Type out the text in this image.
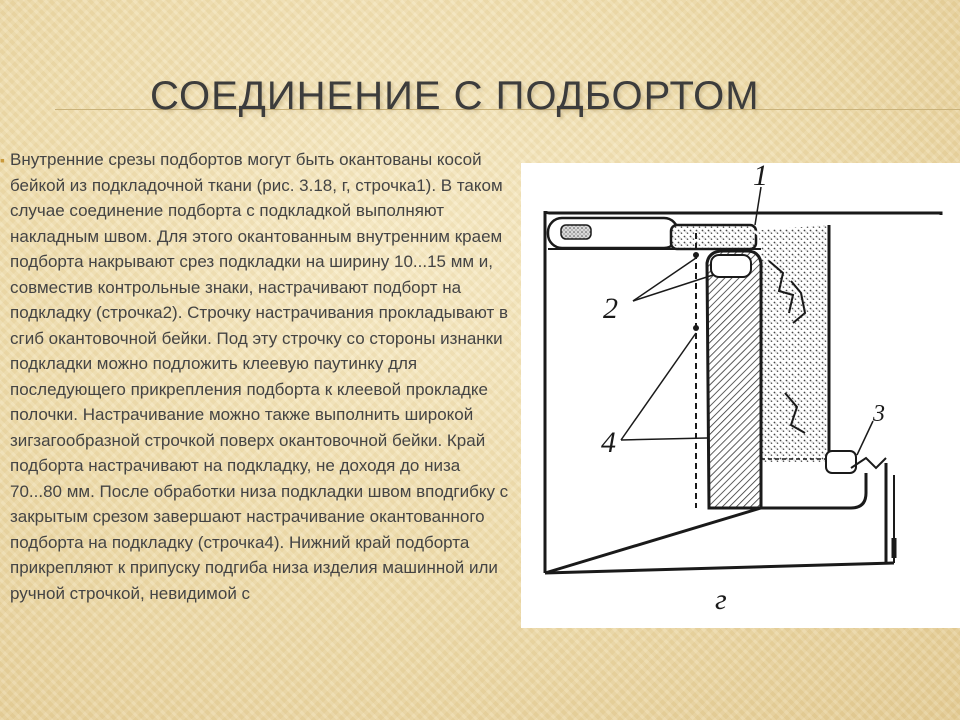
СОЕДИНЕНИЕ С ПОДБОРТОМ
▪ Внутренние срезы подбортов могут быть окантованы косой бейкой из подкладочной ткани (рис. 3.18, г, строчка1). В таком случае соединение подборта с подкладкой выполняют накладным швом. Для этого окантованным внутренним краем подборта накрывают срез подкладки на ширину 10...15 мм и, совместив контрольные знаки, настрачивают подборт на подкладку (строчка2). Строчку настрачивания прокладывают в сгиб окантовочной бейки. Под эту строчку со стороны изнанки подкладки можно подложить клеевую паутинку для последующего прикрепления подборта к клеевой прокладке полочки. Настрачивание можно также выполнить широкой зигзагообразной строчкой поверх окантовочной бейки. Край подборта настрачивают на подкладку, не доходя до низа 70...80 мм. После обработки низа подкладки швом вподгибку с закрытым срезом завершают настрачивание окантованного подборта на подкладку (строчка4). Нижний край подборта прикрепляют к припуску подгиба низа изделия машинной или ручной строчкой, невидимой с

1
2
3
4
г
